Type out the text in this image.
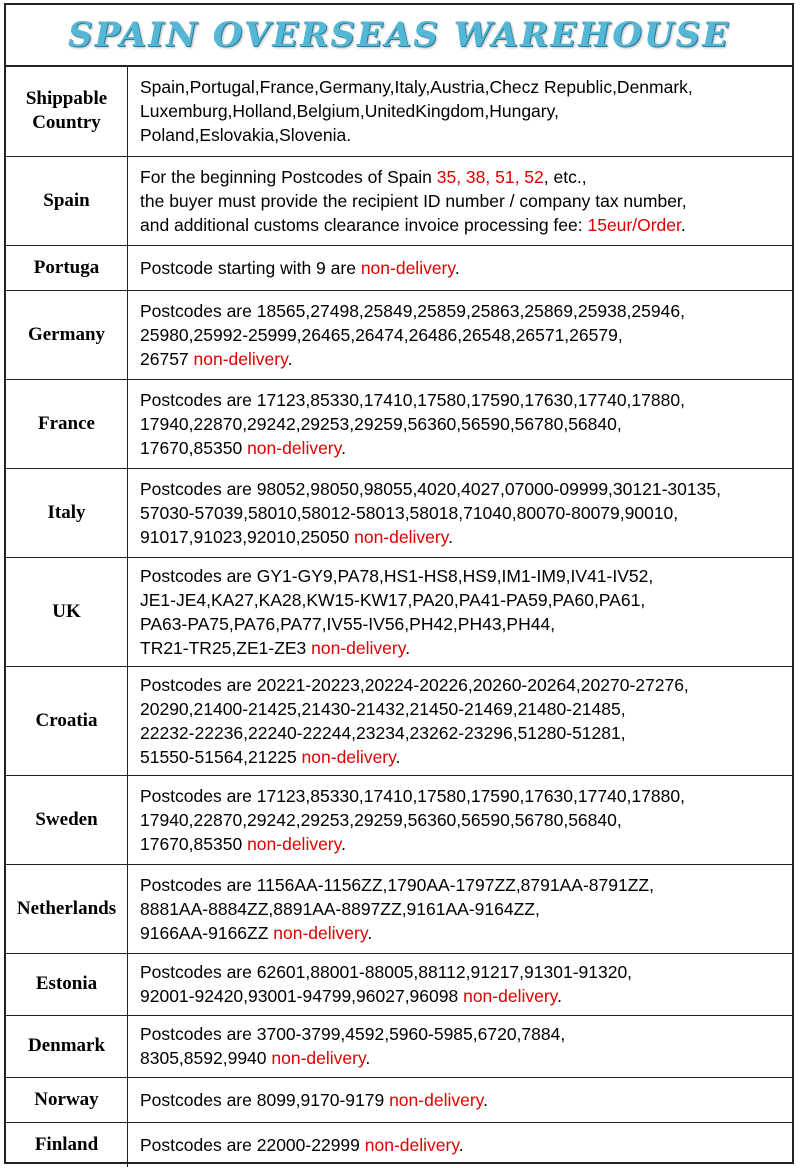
SPAIN OVERSEAS WAREHOUSE
Shippable Country	Spain,Portugal,France,Germany,Italy,Austria,Checz Republic,Denmark,
Luxemburg,Holland,Belgium,UnitedKingdom,Hungary,
Poland,Eslovakia,Slovenia.

Spain	For the beginning Postcodes of Spain 35, 38, 51, 52, etc.,
the buyer must provide the recipient ID number / company tax number,
and additional customs clearance invoice processing fee: 15eur/Order.

Portuga	Postcode starting with 9 are non-delivery.

Germany	Postcodes are 18565,27498,25849,25859,25863,25869,25938,25946,
25980,25992-25999,26465,26474,26486,26548,26571,26579,
26757 non-delivery.

France	Postcodes are 17123,85330,17410,17580,17590,17630,17740,17880,
17940,22870,29242,29253,29259,56360,56590,56780,56840,
17670,85350 non-delivery.

Italy	Postcodes are 98052,98050,98055,4020,4027,07000-09999,30121-30135,
57030-57039,58010,58012-58013,58018,71040,80070-80079,90010,
91017,91023,92010,25050 non-delivery.

UK	Postcodes are GY1-GY9,PA78,HS1-HS8,HS9,IM1-IM9,IV41-IV52,
JE1-JE4,KA27,KA28,KW15-KW17,PA20,PA41-PA59,PA60,PA61,
PA63-PA75,PA76,PA77,IV55-IV56,PH42,PH43,PH44,
TR21-TR25,ZE1-ZE3 non-delivery.

Croatia	Postcodes are 20221-20223,20224-20226,20260-20264,20270-27276,
20290,21400-21425,21430-21432,21450-21469,21480-21485,
22232-22236,22240-22244,23234,23262-23296,51280-51281,
51550-51564,21225 non-delivery.

Sweden	Postcodes are 17123,85330,17410,17580,17590,17630,17740,17880,
17940,22870,29242,29253,29259,56360,56590,56780,56840,
17670,85350 non-delivery.

Netherlands	Postcodes are 1156AA-1156ZZ,1790AA-1797ZZ,8791AA-8791ZZ,
8881AA-8884ZZ,8891AA-8897ZZ,9161AA-9164ZZ,
9166AA-9166ZZ non-delivery.

Estonia	Postcodes are 62601,88001-88005,88112,91217,91301-91320,
92001-92420,93001-94799,96027,96098 non-delivery.

Denmark	Postcodes are 3700-3799,4592,5960-5985,6720,7884,
8305,8592,9940 non-delivery.

Norway	Postcodes are 8099,9170-9179 non-delivery.

Finland	Postcodes are 22000-22999 non-delivery.
